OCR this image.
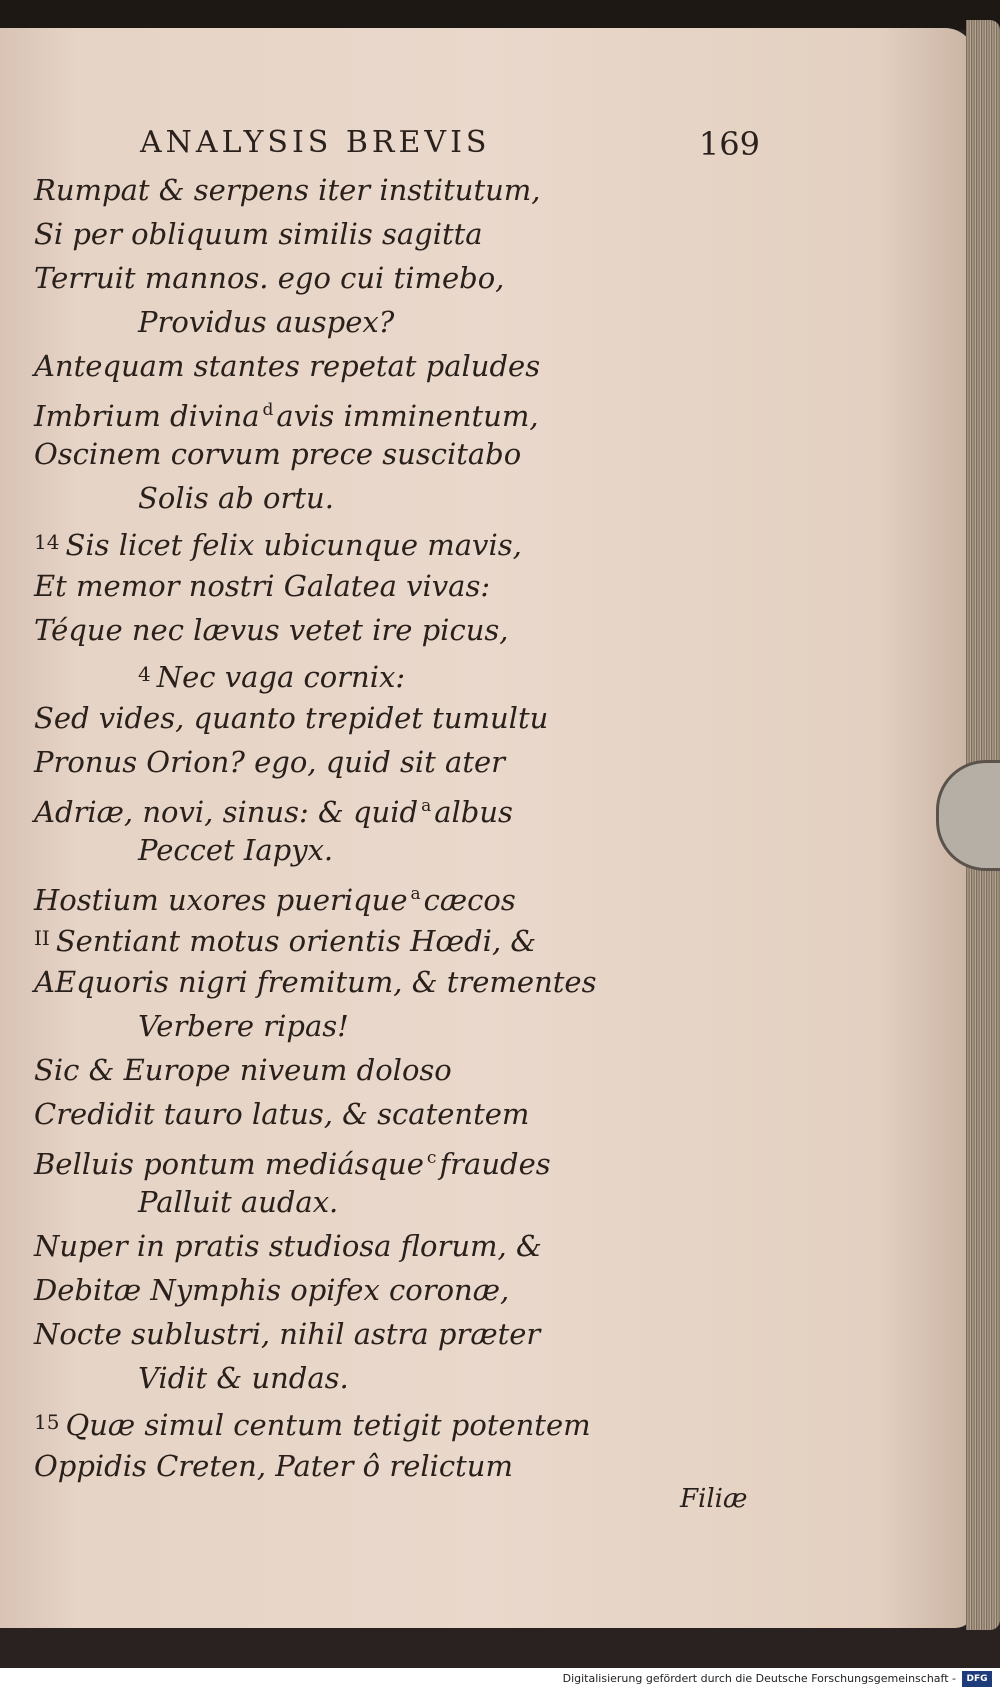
ANALYSIS BREVIS	169
Rumpat & serpens iter institutum,
Si per obliquum similis sagitta
Terruit mannos. ego cui timebo,
Providus auspex?
Antequam stantes repetat paludes
Imbrium divina $^d$ avis imminentum,
Oscinem corvum prece suscitabo
Solis ab ortu.
$^{14}$ Sis licet felix ubicunque mavis,
Et memor nostri Galatea vivas:
Téque nec lævus vetet ire picus,
$^4$ Nec vaga cornix:
Sed vides, quanto trepidet tumultu
Pronus Orion? ego, quid sit ater
Adriæ, novi, sinus: & quid $^a$ albus
Peccet Iapyx.
Hostium uxores puerique $^a$ cæcos
$^{II}$ Sentiant motus orientis Hœdi, &
AEquoris nigri fremitum, & trementes
Verbere ripas!
Sic & Europe niveum doloso
Credidit tauro latus, & scatentem
Belluis pontum mediásque $^c$ fraudes
Palluit audax.
Nuper in pratis studiosa florum, &
Debitæ Nymphis opifex coronæ,
Nocte sublustri, nihil astra præter
Vidit & undas.
$^{15}$ Quæ simul centum tetigit potentem
Oppidis Creten, Pater ô relictum
Filiæ
Digitalisierung gefördert durch die Deutsche Forschungsgemeinschaft -	DFG
